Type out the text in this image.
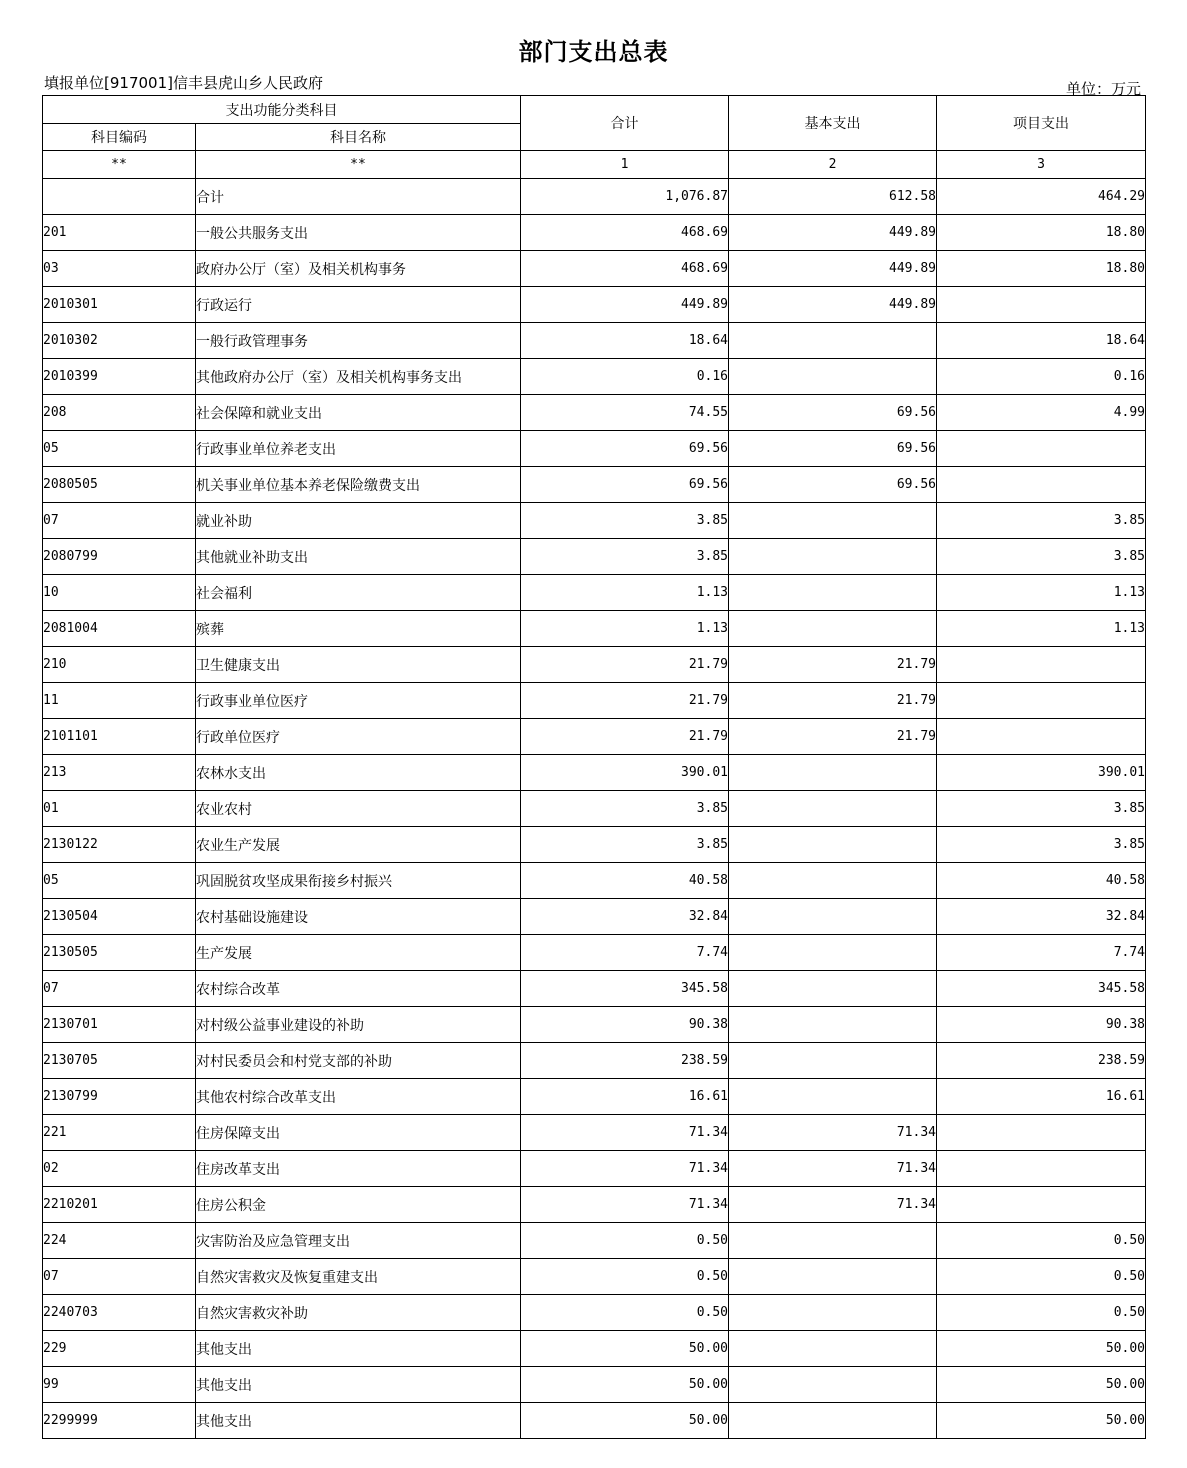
部门支出总表
填报单位[917001]信丰县虎山乡人民政府	单位：万元
支出功能分类科目		合计	基本支出	项目支出
科目编码	科目名称			
**	**	1	2	3
	合计	1,076.87	612.58	464.29
201	一般公共服务支出	468.69	449.89	18.80
03	政府办公厅（室）及相关机构事务	468.69	449.89	18.80
2010301	行政运行	449.89	449.89	
2010302	一般行政管理事务	18.64		18.64
2010399	其他政府办公厅（室）及相关机构事务支出	0.16		0.16
208	社会保障和就业支出	74.55	69.56	4.99
05	行政事业单位养老支出	69.56	69.56	
2080505	机关事业单位基本养老保险缴费支出	69.56	69.56	
07	就业补助	3.85		3.85
2080799	其他就业补助支出	3.85		3.85
10	社会福利	1.13		1.13
2081004	殡葬	1.13		1.13
210	卫生健康支出	21.79	21.79	
11	行政事业单位医疗	21.79	21.79	
2101101	行政单位医疗	21.79	21.79	
213	农林水支出	390.01		390.01
01	农业农村	3.85		3.85
2130122	农业生产发展	3.85		3.85
05	巩固脱贫攻坚成果衔接乡村振兴	40.58		40.58
2130504	农村基础设施建设	32.84		32.84
2130505	生产发展	7.74		7.74
07	农村综合改革	345.58		345.58
2130701	对村级公益事业建设的补助	90.38		90.38
2130705	对村民委员会和村党支部的补助	238.59		238.59
2130799	其他农村综合改革支出	16.61		16.61
221	住房保障支出	71.34	71.34	
02	住房改革支出	71.34	71.34	
2210201	住房公积金	71.34	71.34	
224	灾害防治及应急管理支出	0.50		0.50
07	自然灾害救灾及恢复重建支出	0.50		0.50
2240703	自然灾害救灾补助	0.50		0.50
229	其他支出	50.00		50.00
99	其他支出	50.00		50.00
2299999	其他支出	50.00		50.00
